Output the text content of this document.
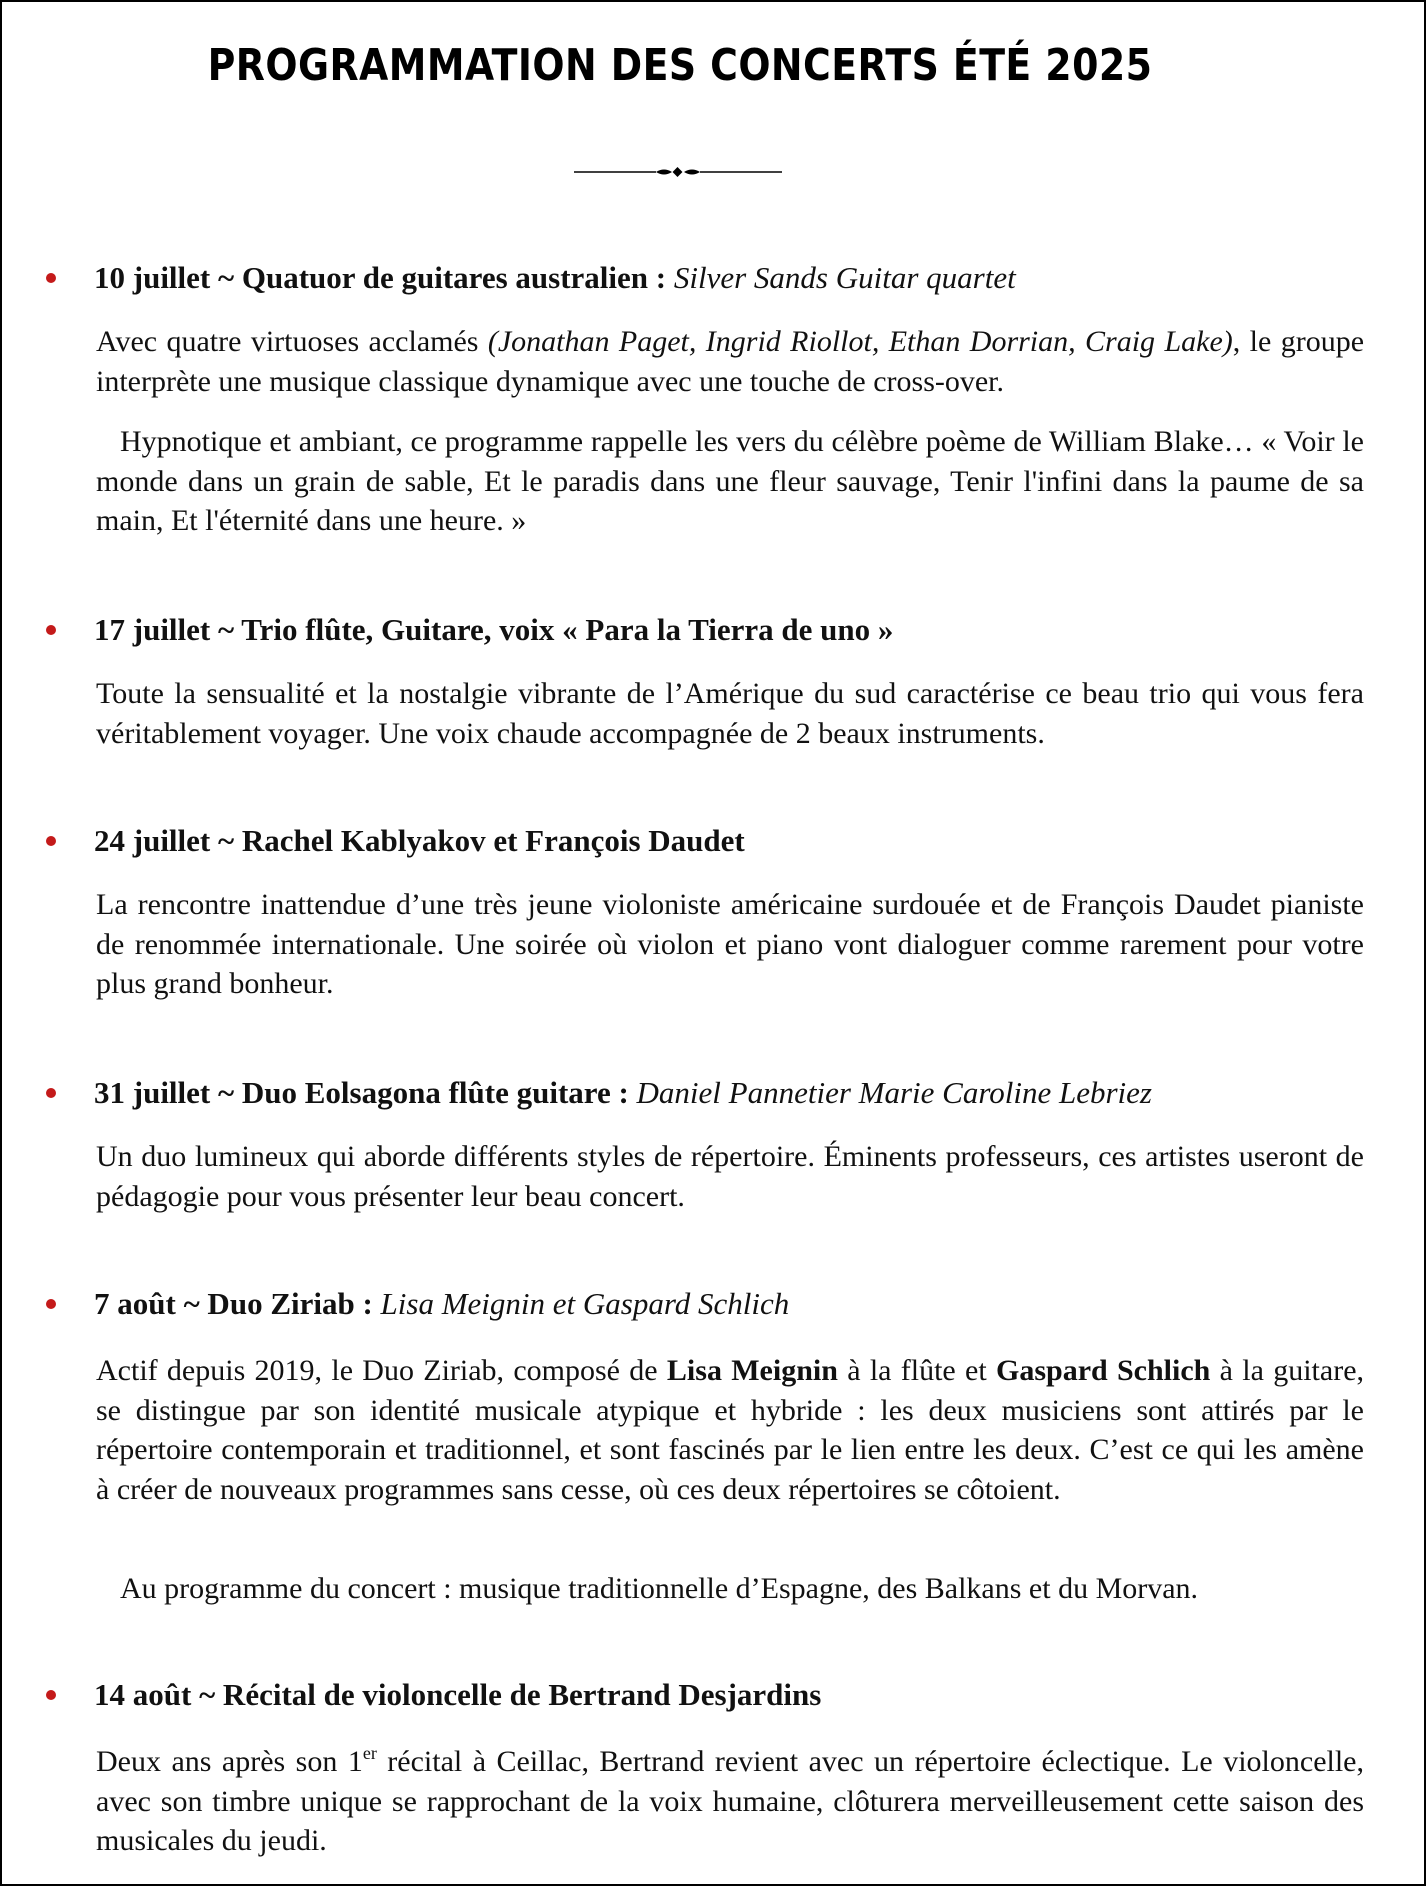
PROGRAMMATION DES CONCERTS ÉTÉ 2025
10 juillet ~ Quatuor de guitares australien : Silver Sands Guitar quartet

Avec quatre virtuoses acclamés (Jonathan Paget, Ingrid Riollot, Ethan Dorrian, Craig Lake), le groupe interprète une musique classique dynamique avec une touche de cross-over.

Hypnotique et ambiant, ce programme rappelle les vers du célèbre poème de William Blake… « Voir le monde dans un grain de sable, Et le paradis dans une fleur sauvage, Tenir l'infini dans la paume de sa main, Et l'éternité dans une heure. »

17 juillet ~ Trio flûte, Guitare, voix « Para la Tierra de uno »

Toute la sensualité et la nostalgie vibrante de l’Amérique du sud caractérise ce beau trio qui vous fera véritablement voyager. Une voix chaude accompagnée de 2 beaux instruments.

24 juillet ~ Rachel Kablyakov et François Daudet

La rencontre inattendue d’une très jeune violoniste américaine surdouée et de François Daudet pianiste de renommée internationale. Une soirée où violon et piano vont dialoguer comme rarement pour votre plus grand bonheur.

31 juillet ~ Duo Eolsagona flûte guitare : Daniel Pannetier Marie Caroline Lebriez

Un duo lumineux qui aborde différents styles de répertoire. Éminents professeurs, ces artistes useront de pédagogie pour vous présenter leur beau concert.

7 août ~ Duo Ziriab : Lisa Meignin et Gaspard Schlich

Actif depuis 2019, le Duo Ziriab, composé de Lisa Meignin à la flûte et Gaspard Schlich à la guitare, se distingue par son identité musicale atypique et hybride : les deux musiciens sont attirés par le répertoire contemporain et traditionnel, et sont fascinés par le lien entre les deux. C’est ce qui les amène à créer de nouveaux programmes sans cesse, où ces deux répertoires se côtoient.

Au programme du concert : musique traditionnelle d’Espagne, des Balkans et du Morvan.

14 août ~ Récital de violoncelle de Bertrand Desjardins

Deux ans après son 1er récital à Ceillac, Bertrand revient avec un répertoire éclectique. Le violoncelle, avec son timbre unique se rapprochant de la voix humaine, clôturera merveilleusement cette saison des musicales du jeudi.
